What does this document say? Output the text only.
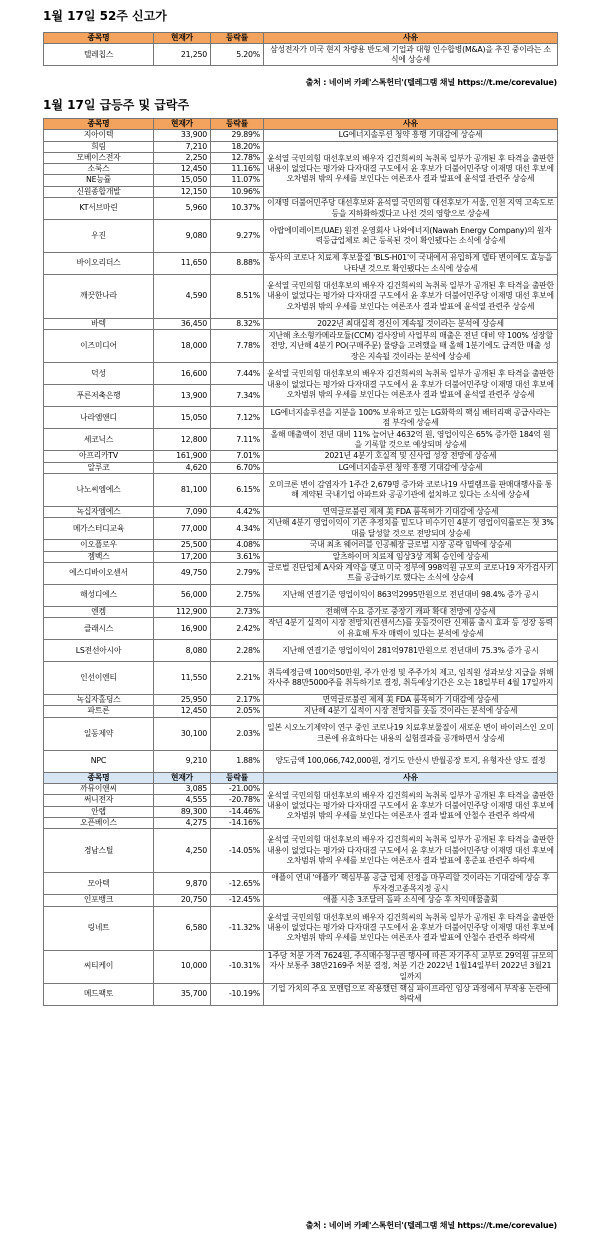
1월 17일 52주 신고가
종목명	현재가	등락률	사유
텔레칩스	21,250	5.20%	삼성전자가 미국 현지 차량용 반도체 기업과 대형 인수합병(M&A)을 추진 중이라는 소식에 상승세
출처 : 네이버 카페'스톡헌터'(텔레그램 채널 https://t.me/corevalue)
1월 17일 급등주 및 급락주
종목명	현재가	등락률	사유
지아이텍	33,900	29.89%	LG에너지솔루션 청약 흥행 기대감에 상승세
희림	7,210	18.20%	윤석열 국민의힘 대선후보의 배우자 김건희씨의 녹취록 일부가 공개된 후 타격을 출판한 내용이 없었다는 평가와 다자대결 구도에서 윤 후보가 더불어민주당 이재명 대선 후보에 오차범위 밖의 우세를 보인다는 여론조사 결과 발표에 윤석열 관련주 상승세
모베이스전자	2,250	12.78%	
소룩스	12,450	11.16%	
NE능률	15,050	11.07%	
신원종합개발	12,150	10.96%	
KT서브마린	5,960	10.37%	이재명 더불어민주당 대선후보와 윤석열 국민의힘 대선후보가 서울, 인천 지역 고속도로 등을 지하화하겠다고 나선 것의 영향으로 상승세
우진	9,080	9.27%	아랍에미레이트(UAE) 원전 운영회사 나와에너지(Nawah Energy Company)의 원자력등급업체로 최근 등록된 것이 확인됐다는 소식에 상승세
바이오리더스	11,650	8.88%	동사의 코로나 치료제 후보물질 'BLS-H01'이 국내에서 유입하게 델타 변이에도 효능을 나타낸 것으로 확인됐다는 소식에 상승세
깨끗한나라	4,590	8.51%	윤석열 국민의힘 대선후보의 배우자 김건희씨의 녹취록 일부가 공개된 후 타격을 출판한 내용이 없었다는 평가와 다자대결 구도에서 윤 후보가 더불어민주당 이재명 대선 후보에 오차범위 밖의 우세를 보인다는 여론조사 결과 발표에 윤석열 관련주 상승세
바텍	36,450	8.32%	2022년 최대실적 경신이 계속될 것이라는 분석에 상승세
이즈미디어	18,000	7.78%	지난해 초소형카메라모듈(CCM) 검사장비 사업부의 매출은 전년 대비 약 100% 성장할 전망, 지난해 4분기 PO(구매주문) 물량을 고려했을 때 올해 1분기에도 급격한 매출 성장은 지속될 것이라는 분석에 상승세
덕성	16,600	7.44%	윤석열 국민의힘 대선후보의 배우자 김건희씨의 녹취록 일부가 공개된 후 타격을 출판한 내용이 없었다는 평가와 다자대결 구도에서 윤 후보가 더불어민주당 이재명 대선 후보에 오차범위 밖의 우세를 보인다는 여론조사 결과 발표에 윤석열 관련주 상승세
푸른저축은행	13,900	7.34%	
나라엠앤디	15,050	7.12%	LG에너지솔루션을 지분을 100% 보유하고 있는 LG화학의 핵심 배터리팩 공급사라는 점 부각에 상승세
세코닉스	12,800	7.11%	올해 매출액이 전년 대비 11% 늘어난 4632억 원, 영업이익은 65% 증가한 184억 원을 기록할 것으로 예상되며 상승세
아프리카TV	161,900	7.01%	2021년 4분기 호실적 및 신사업 성장 전망에 상승세
알루코	4,620	6.70%	LG에너지솔루션 청약 흥행 기대감에 상승세
나노씨엠에스	81,100	6.15%	오미크론 변이 감염자가 1주간 2,679명 증가와 코로나19 사멸램프를 판매대행사를 통해 계약된 국내기업 아파트와 공공기관에 설치하고 있다는 소식에 상승세
녹십자엠에스	7,090	4.42%	면역글로불린 제제 美 FDA 품목허가 기대감에 상승세
메가스터디교육	77,000	4.34%	지난해 4분기 영업이익이 기존 추정치를 밑도나 비수기인 4분기 영업이익률로는 첫 3%대를 달성할 것으로 전망되며 상승세
이오플로우	25,500	4.08%	국내 최초 웨어러블 인공췌장 글로벌 시장 공략 임박에 상승세
젬백스	17,200	3.61%	알츠하이머 치료제 임상3상 계획 승인에 상승세
에스디바이오센서	49,750	2.79%	글로벌 진단업체 A사와 계약을 맺고 미국 정부에 998억원 규모의 코로나19 자가검사키트를 공급하기로 했다는 소식에 상승세
해성디에스	56,000	2.75%	지난해 연결기준 영업이익이 863억2995만원으로 전년대비 98.4% 증가 공시
엔켐	112,900	2.73%	전해액 수요 증가로 중장기 캐파 확대 전망에 상승세
클래시스	16,900	2.42%	작년 4분기 실적이 시장 전망치(컨센서스)를 웃돌것이란 신제품 출시 효과 등 성장 동력이 유효해 투자 매력이 있다는 분석에 상승세
LS전선아시아	8,080	2.28%	지난해 연결기준 영업이익이 281억9781만원으로 전년대비 75.3% 증가 공시
인선이엔티	11,550	2.21%	취득예정금액 100억50만원, 주가 안정 및 주주가치 제고, 임직원 성과보상 지급을 위해 자사주 88만5000주를 취득하기로 결정, 취득예상기간은 오는 18일부터 4월 17일까지
녹십자홀딩스	25,950	2.17%	면역글로불린 제제 美 FDA 품목허가 기대감에 상승세
파트론	12,450	2.05%	지난해 4분기 실적이 시장 전망치를 웃돌 것이라는 분석에 상승세
일동제약	30,100	2.03%	일본 시오노기제약이 연구 중인 코로나19 치료후보물질이 새로운 변이 바이러스인 오미크론에 유효하다는 내용의 실험결과를 공개하면서 상승세
NPC	9,210	1.88%	양도금액 100,066,742,000원, 경기도 안산시 반월공장 토지, 유형자산 양도 결정
종목명	현재가	등락률	사유
까뮤이앤씨	3,085	-21.00%	윤석열 국민의힘 대선후보의 배우자 김건희씨의 녹취록 일부가 공개된 후 타격을 출판한 내용이 없었다는 평가와 다자대결 구도에서 윤 후보가 더불어민주당 이재명 대선 후보에 오차범위 밖의 우세를 보인다는 여론조사 결과 발표에 안철수 관련주 하락세
써니전자	4,555	-20.78%	
안랩	89,300	-14.46%	
오픈베이스	4,275	-14.16%	
경남스틸	4,250	-14.05%	윤석열 국민의힘 대선후보의 배우자 김건희씨의 녹취록 일부가 공개된 후 타격을 출판한 내용이 없었다는 평가와 다자대결 구도에서 윤 후보가 더불어민주당 이재명 대선 후보에 오차범위 밖의 우세를 보인다는 여론조사 결과 발표에 홍준표 관련주 하락세
모아텍	9,870	-12.65%	애플이 연내 '애플카' 핵심부품 공급 업체 선정을 마무리할 것이라는 기대감에 상승 후 투자경고종목지정 공시
인포뱅크	20,750	-12.45%	애플 시총 3조달러 돌파 소식에 상승 후 차익매물출회
링네트	6,580	-11.32%	윤석열 국민의힘 대선후보의 배우자 김건희씨의 녹취록 일부가 공개된 후 타격을 출판한 내용이 없었다는 평가와 다자대결 구도에서 윤 후보가 더불어민주당 이재명 대선 후보에 오차범위 밖의 우세를 보인다는 여론조사 결과 발표에 안철수 관련주 하락세
씨티케이	10,000	-10.31%	1주당 처분 가격 7624원, 주식매수청구권 행사에 따른 자기주식 교부로 29억원 규모의 자사 보통주 38만2169주 처분 결정, 처분 기간 2022년 1월14일부터 2022년 3월21일까지
메드팩토	35,700	-10.19%	기업 가치의 주요 모멘텀으로 작용했던 핵심 파이프라인 임상 과정에서 부작용 논란에 하락세
출처 : 네이버 카페'스톡헌터'(텔레그램 채널 https://t.me/corevalue)
